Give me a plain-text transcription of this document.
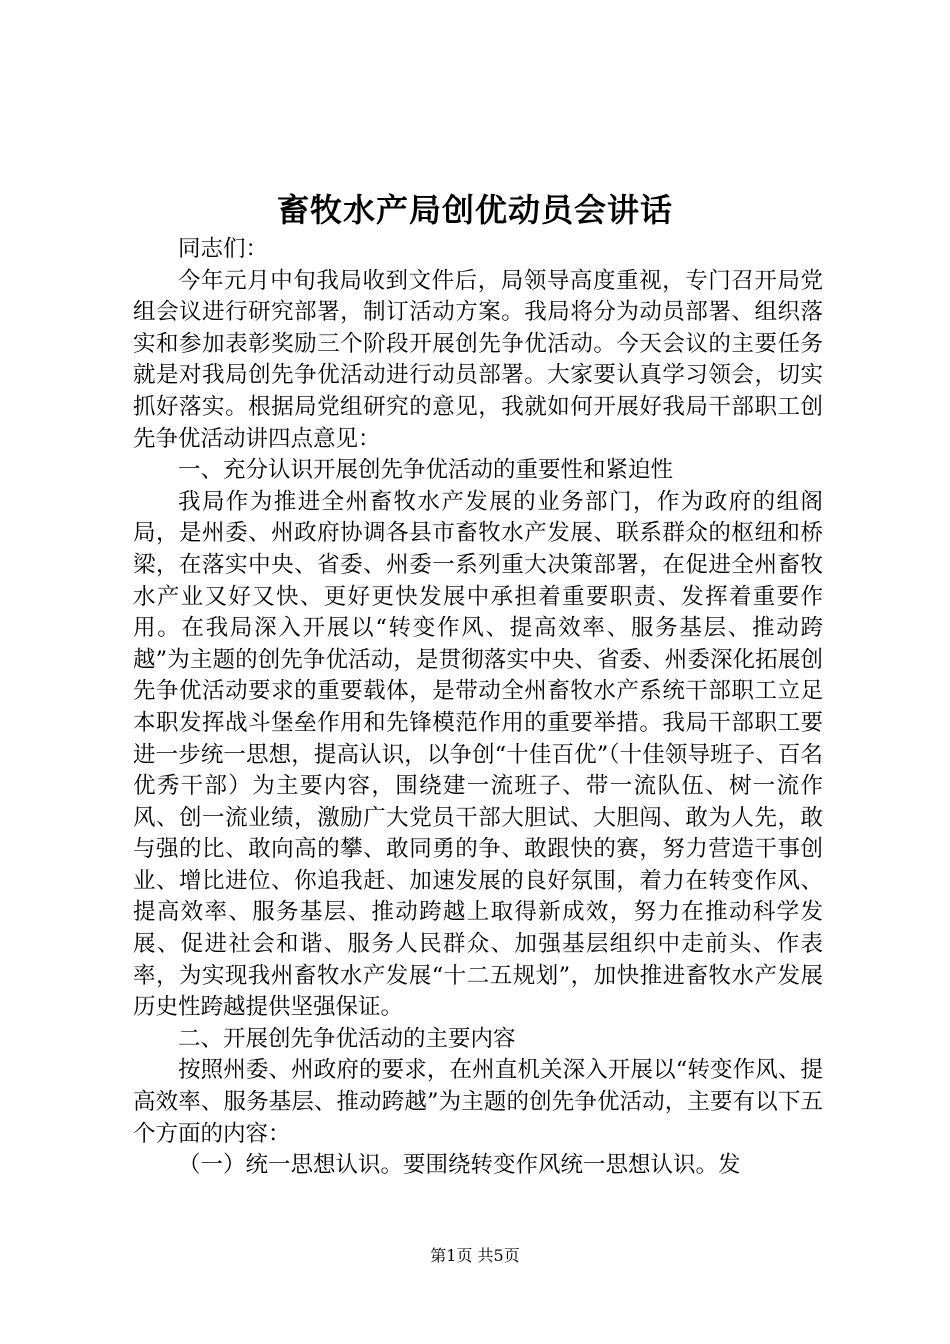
畜牧水产局创优动员会讲话

同志们：

今年元月中旬我局收到文件后，局领导高度重视，专门召开局党组会议进行研究部署，制订活动方案。我局将分为动员部署、组织落实和参加表彰奖励三个阶段开展创先争优活动。今天会议的主要任务就是对我局创先争优活动进行动员部署。大家要认真学习领会，切实抓好落实。根据局党组研究的意见，我就如何开展好我局干部职工创先争优活动讲四点意见：

一、充分认识开展创先争优活动的重要性和紧迫性

我局作为推进全州畜牧水产发展的业务部门，作为政府的组阁局，是州委、州政府协调各县市畜牧水产发展、联系群众的枢纽和桥梁，在落实中央、省委、州委一系列重大决策部署，在促进全州畜牧水产业又好又快、更好更快发展中承担着重要职责、发挥着重要作用。在我局深入开展以“转变作风、提高效率、服务基层、推动跨越”为主题的创先争优活动，是贯彻落实中央、省委、州委深化拓展创先争优活动要求的重要载体，是带动全州畜牧水产系统干部职工立足本职发挥战斗堡垒作用和先锋模范作用的重要举措。我局干部职工要进一步统一思想，提高认识，以争创“十佳百优”（十佳领导班子、百名优秀干部）为主要内容，围绕建一流班子、带一流队伍、树一流作风、创一流业绩，激励广大党员干部大胆试、大胆闯、敢为人先，敢与强的比、敢向高的攀、敢同勇的争、敢跟快的赛，努力营造干事创业、增比进位、你追我赶、加速发展的良好氛围，着力在转变作风、提高效率、服务基层、推动跨越上取得新成效，努力在推动科学发展、促进社会和谐、服务人民群众、加强基层组织中走前头、作表率，为实现我州畜牧水产发展“十二五规划”，加快推进畜牧水产发展历史性跨越提供坚强保证。

二、开展创先争优活动的主要内容

按照州委、州政府的要求，在州直机关深入开展以“转变作风、提高效率、服务基层、推动跨越”为主题的创先争优活动，主要有以下五个方面的内容：

（一）统一思想认识。要围绕转变作风统一思想认识。发

第1页 共5页
